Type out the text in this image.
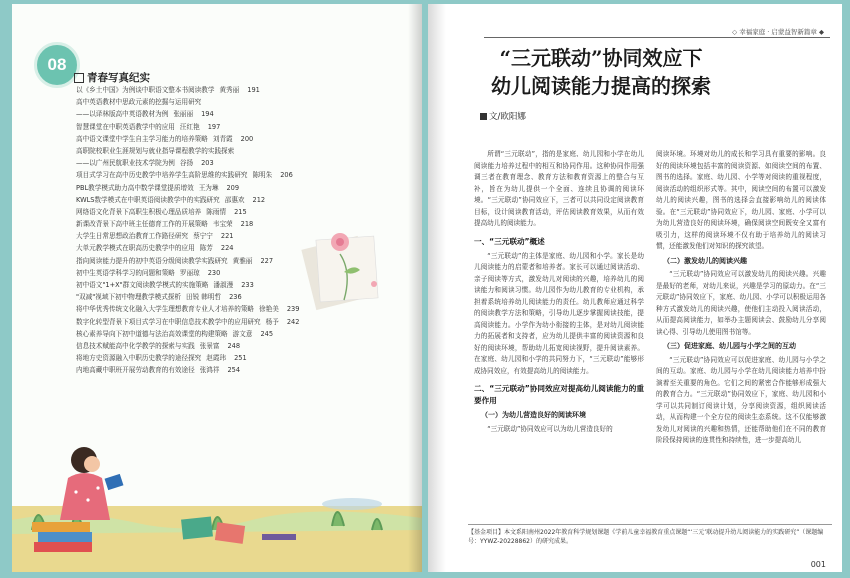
08
青春写真纪实
以《乡土中国》为例谈中职语文整本书阅读教学 黄秀丽 191
高中英语教材中思政元素的挖掘与运用研究
——以译林版高中英语教材为例 张丽丽 194
智慧课堂在中职英语教学中的应用 汪红艳 197
高中语文课堂中学生自主学习能力的培养策略 刘青霞 200
高职院校职业生涯规划与就业指导课程教学的实践探索
——以广州民航职业技术学院为例 谷扬 203
项目式学习在高中历史教学中培养学生高阶思维的实践研究 陈明朱 206
PBL教学模式助力高中数学课堂提质增效 王为琳 209
KWLS数学模式在中职英语阅读教学中的实践研究 邵惠欢 212
网络语文化背景下高职生积极心理品质培养 陈雨情 215
新课改背景下高中班主任德育工作的开展策略 韦宝荣 218
大学生日常思想政治教育工作路径研究 蔡宁宁 221
大单元教学模式在职高历史教学中的应用 陈芳 224
指向阅读能力提升的初中英语分级阅读教学实践研究 黄雅丽 227
初中生英语学科学习的问题和策略 罗丽琼 230
初中语文"1+X"群文阅读教学模式的实施策略 潘淑漫 233
"双减"视域下初中物理教学模式探析 田锐 韩明哲 236
将中华优秀传统文化融入大学生理想教育专业人才培养的策略 徐艳美 239
数字化转型背景下项目式学习在中职信息技术教学中的应用研究 杨予 242
核心素养导向下初中道德与法治高效课堂的构建策略 游文意 245
信息技术赋能高中化学教学的探索与实践 张景富 248
将地方史资源融入中职历史教学的途径探究 赵霞玮 251
内地高藏中职班开展劳动教育的有效途径 张鸿祥 254
◇ 幸福家庭 · 启蒙益智新篇章 ◆
“三元联动”协同效应下
幼儿阅读能力提高的探索
文/欧阳娜

所谓“三元联动”，指的是家庭、幼儿园和小学在幼儿阅读能力培养过程中的相互和协同作用。这种协同作用强调三者在教育理念、教育方法和教育资源上的整合与互补，旨在为幼儿提供一个全面、连续且协调的阅读环境。“三元联动”协同效应下，三者可以共同设定阅读教育目标，设计阅读教育活动，评估阅读教育效果，从而有效提高幼儿的阅读能力。

一、“三元联动”概述

“三元联动”的主体是家庭、幼儿园和小学。家长是幼儿阅读能力的启蒙者和培养者。家长可以通过阅读活动、亲子阅读等方式，激发幼儿对阅读的兴趣，培养幼儿的阅读能力和阅读习惯。幼儿园作为幼儿教育的专业机构，承担着系统培养幼儿阅读能力的责任。幼儿教师应通过科学的阅读教学方法和策略，引导幼儿逐步掌握阅读技能，提高阅读能力。小学作为幼小衔接的主体，是对幼儿阅读能力的拓展者和支持者，应为幼儿提供丰富的阅读资源和良好的阅读环境，帮助幼儿拓宽阅读视野，提升阅读素养。在家庭、幼儿园和小学的共同努力下，“三元联动”能够形成协同效应，有效提高幼儿的阅读能力。

二、“三元联动”协同效应对提高幼儿阅读能力的重要作用

（一）为幼儿营造良好的阅读环境

“三元联动”协同效应可以为幼儿营造良好的

阅读环境。环境对幼儿的成长和学习具有重要的影响。良好的阅读环境包括丰富的阅读资源、如阅读空间的布置、图书的选择。家庭、幼儿园、小学等对阅读的重视程度，阅读活动的组织形式等。其中，阅读空间的布置可以激发幼儿的阅读兴趣，图书的选择会直接影响幼儿的阅读体验。在“三元联动”协同效应下，幼儿园、家庭、小学可以为幼儿营造良好的阅读环境，确保阅读空间既安全又富有吸引力，这样的阅读环境不仅有助于培养幼儿的阅读习惯，还能激发他们对知识的探究欲望。

（二）激发幼儿的阅读兴趣

“三元联动”协同效应可以激发幼儿的阅读兴趣。兴趣是最好的老师，对幼儿来说，兴趣是学习的原动力。在“三元联动”协同效应下，家庭、幼儿园、小学可以积极运用各种方式激发幼儿的阅读兴趣，使他们主动投入阅读活动，从而提高阅读能力，如举办主题阅读会、鼓励幼儿分享阅读心得、引导幼儿使用图书馆等。

（三）促进家庭、幼儿园与小学之间的互动

“三元联动”协同效应可以促进家庭、幼儿园与小学之间的互动。家庭、幼儿园与小学在幼儿阅读能力培养中扮演着至关重要的角色。它们之间的紧密合作能够形成强大的教育合力。“三元联动”协同效应下，家庭、幼儿园和小学可以共同制订阅读计划，分享阅读资源，组织阅读活动，从而构建一个全方位的阅读生态系统。这不仅能够激发幼儿对阅读的兴趣和热情，还能帮助他们在不同的教育阶段保持阅读的连贯性和持续性，进一步提高幼儿

【基金项目】本文系阳南州2022年教育科学规划课题《学前儿童幸福教育重点课题“‘三元’联动提升幼儿阅读能力的实践研究”（课题编号：YYWZ-20228862）的研究成果。
001
